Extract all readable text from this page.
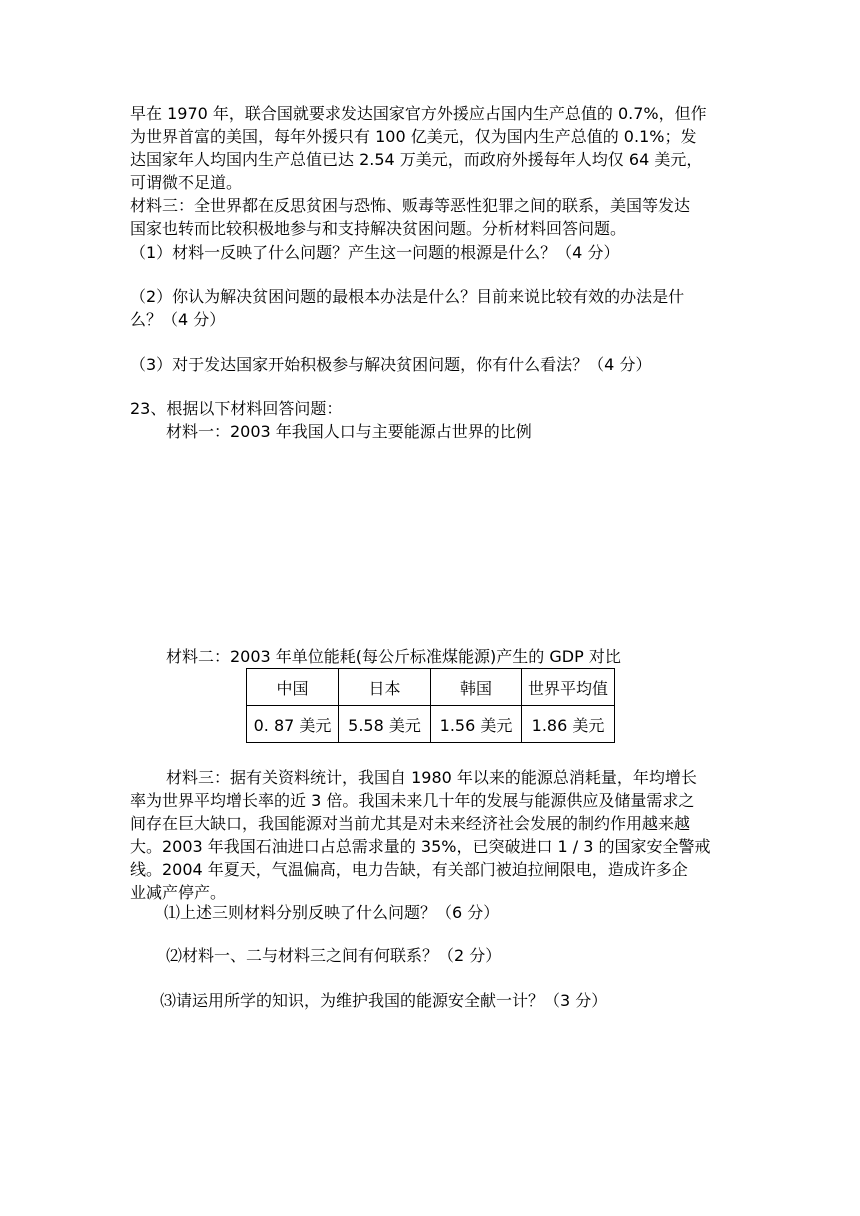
早在 1970 年，联合国就要求发达国家官方外援应占国内生产总值的 0.7%，但作
为世界首富的美国，每年外援只有 100 亿美元，仅为国内生产总值的 0.1%；发
达国家年人均国内生产总值已达 2.54 万美元，而政府外援每年人均仅 64 美元，
可谓微不足道。
材料三：全世界都在反思贫困与恐怖、贩毒等恶性犯罪之间的联系，美国等发达
国家也转而比较积极地参与和支持解决贫困问题。分析材料回答问题。
（1）材料一反映了什么问题？产生这一问题的根源是什么？（4 分）
（2）你认为解决贫困问题的最根本办法是什么？目前来说比较有效的办法是什
么？（4 分）
（3）对于发达国家开始积极参与解决贫困问题，你有什么看法？（4 分）
23、根据以下材料回答问题：
材料一：2003 年我国人口与主要能源占世界的比例
材料二：2003 年单位能耗(每公斤标准煤能源)产生的 GDP 对比
中国	日本	韩国	世界平均值
0. 87 美元	5.58 美元	1.56 美元	1.86 美元
材料三：据有关资料统计，我国自 1980 年以来的能源总消耗量，年均增长
率为世界平均增长率的近 3 倍。我国未来几十年的发展与能源供应及储量需求之
间存在巨大缺口，我国能源对当前尤其是对未来经济社会发展的制约作用越来越
大。2003 年我国石油进口占总需求量的 35%，已突破进口 1 / 3 的国家安全警戒
线。2004 年夏天，气温偏高，电力告缺，有关部门被迫拉闸限电，造成许多企
业减产停产。
⑴上述三则材料分别反映了什么问题？（6 分）
⑵材料一、二与材料三之间有何联系？（2 分）
⑶请运用所学的知识，为维护我国的能源安全献一计？（3 分）
